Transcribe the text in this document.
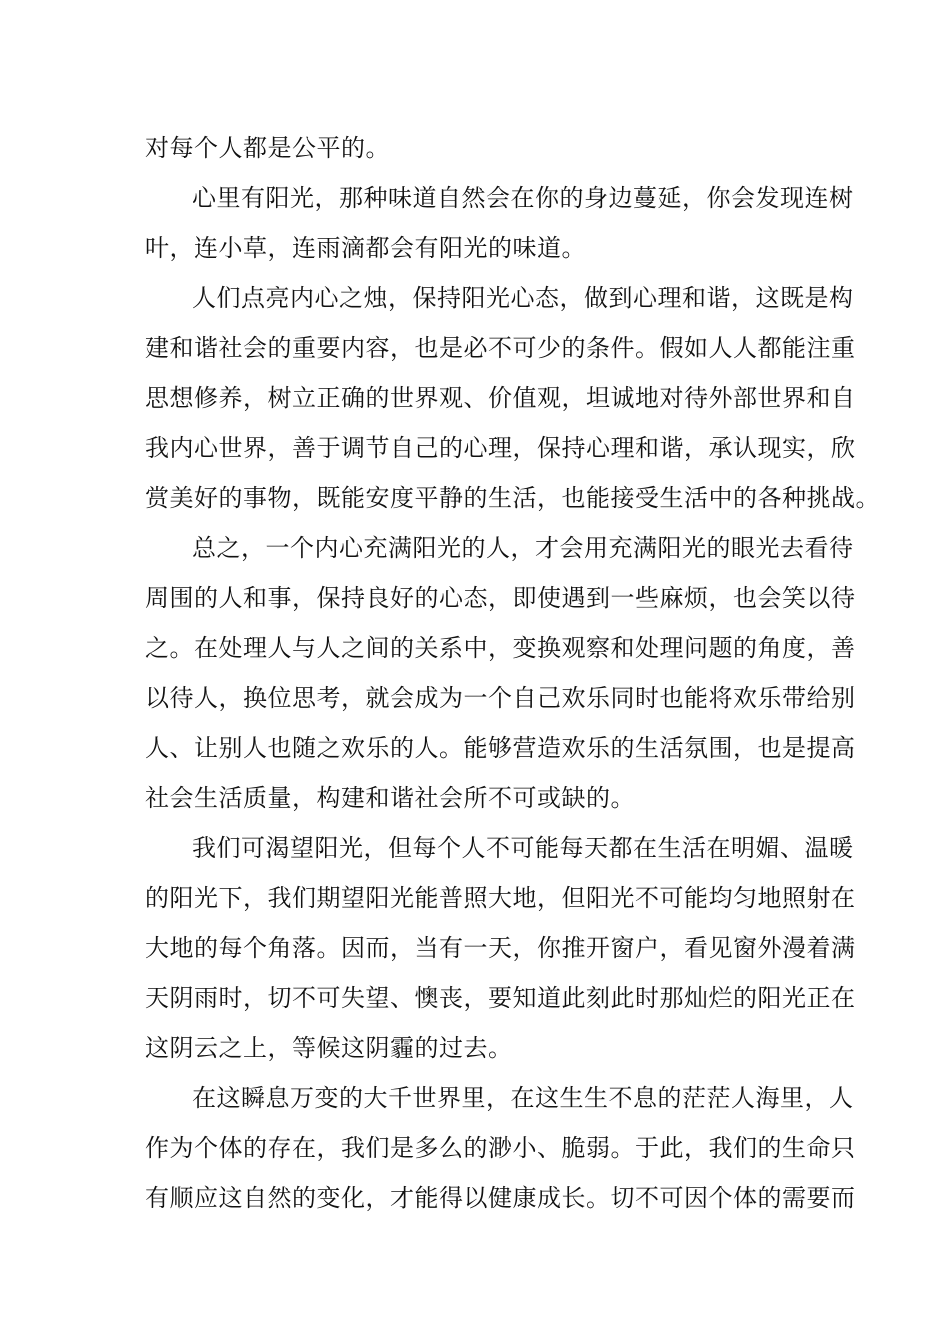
对每个人都是公平的。
心里有阳光，那种味道自然会在你的身边蔓延，你会发现连树
叶，连小草，连雨滴都会有阳光的味道。
人们点亮内心之烛，保持阳光心态，做到心理和谐，这既是构
建和谐社会的重要内容，也是必不可少的条件。假如人人都能注重
思想修养，树立正确的世界观、价值观，坦诚地对待外部世界和自
我内心世界，善于调节自己的心理，保持心理和谐，承认现实，欣
赏美好的事物，既能安度平静的生活，也能接受生活中的各种挑战。
总之，一个内心充满阳光的人，才会用充满阳光的眼光去看待
周围的人和事，保持良好的心态，即使遇到一些麻烦，也会笑以待
之。在处理人与人之间的关系中，变换观察和处理问题的角度，善
以待人，换位思考，就会成为一个自己欢乐同时也能将欢乐带给别
人、让别人也随之欢乐的人。能够营造欢乐的生活氛围，也是提高
社会生活质量，构建和谐社会所不可或缺的。
我们可渴望阳光，但每个人不可能每天都在生活在明媚、温暖
的阳光下，我们期望阳光能普照大地，但阳光不可能均匀地照射在
大地的每个角落。因而，当有一天，你推开窗户，看见窗外漫着满
天阴雨时，切不可失望、懊丧，要知道此刻此时那灿烂的阳光正在
这阴云之上，等候这阴霾的过去。
在这瞬息万变的大千世界里，在这生生不息的茫茫人海里，人
作为个体的存在，我们是多么的渺小、脆弱。于此，我们的生命只
有顺应这自然的变化，才能得以健康成长。切不可因个体的需要而
